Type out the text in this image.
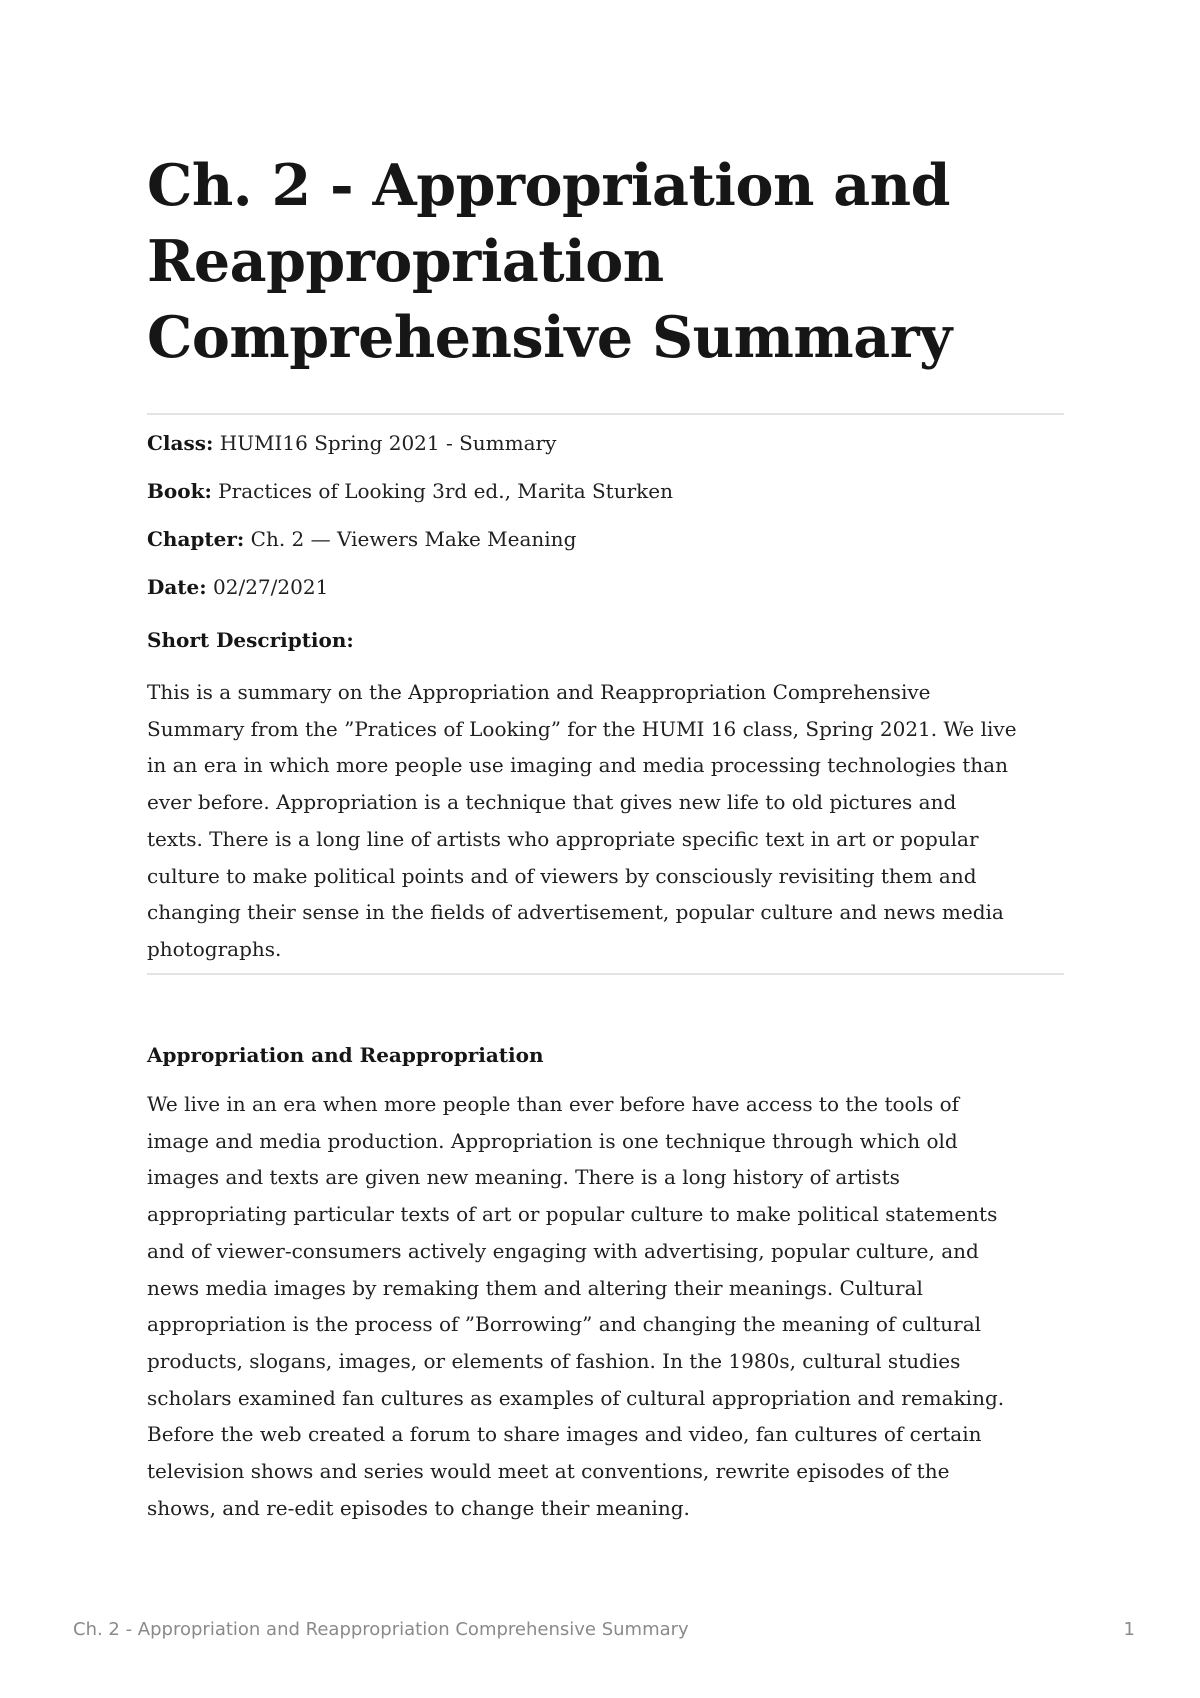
Ch. 2 - Appropriation and
Reappropriation
Comprehensive Summary
Class: HUMI16 Spring 2021 - Summary
Book: Practices of Looking 3rd ed., Marita Sturken
Chapter: Ch. 2 — Viewers Make Meaning
Date: 02/27/2021
Short Description:

This is a summary on the Appropriation and Reappropriation Comprehensive
Summary from the ”Pratices of Looking” for the HUMI 16 class, Spring 2021. We live
in an era in which more people use imaging and media processing technologies than
ever before. Appropriation is a technique that gives new life to old pictures and
texts. There is a long line of artists who appropriate specific text in art or popular
culture to make political points and of viewers by consciously revisiting them and
changing their sense in the fields of advertisement, popular culture and news media
photographs.

Appropriation and Reappropriation

We live in an era when more people than ever before have access to the tools of
image and media production. Appropriation is one technique through which old
images and texts are given new meaning. There is a long history of artists
appropriating particular texts of art or popular culture to make political statements
and of viewer-consumers actively engaging with advertising, popular culture, and
news media images by remaking them and altering their meanings. Cultural
appropriation is the process of ”Borrowing” and changing the meaning of cultural
products, slogans, images, or elements of fashion. In the 1980s, cultural studies
scholars examined fan cultures as examples of cultural appropriation and remaking.
Before the web created a forum to share images and video, fan cultures of certain
television shows and series would meet at conventions, rewrite episodes of the
shows, and re-edit episodes to change their meaning.

Ch. 2 - Appropriation and Reappropriation Comprehensive Summary	1
